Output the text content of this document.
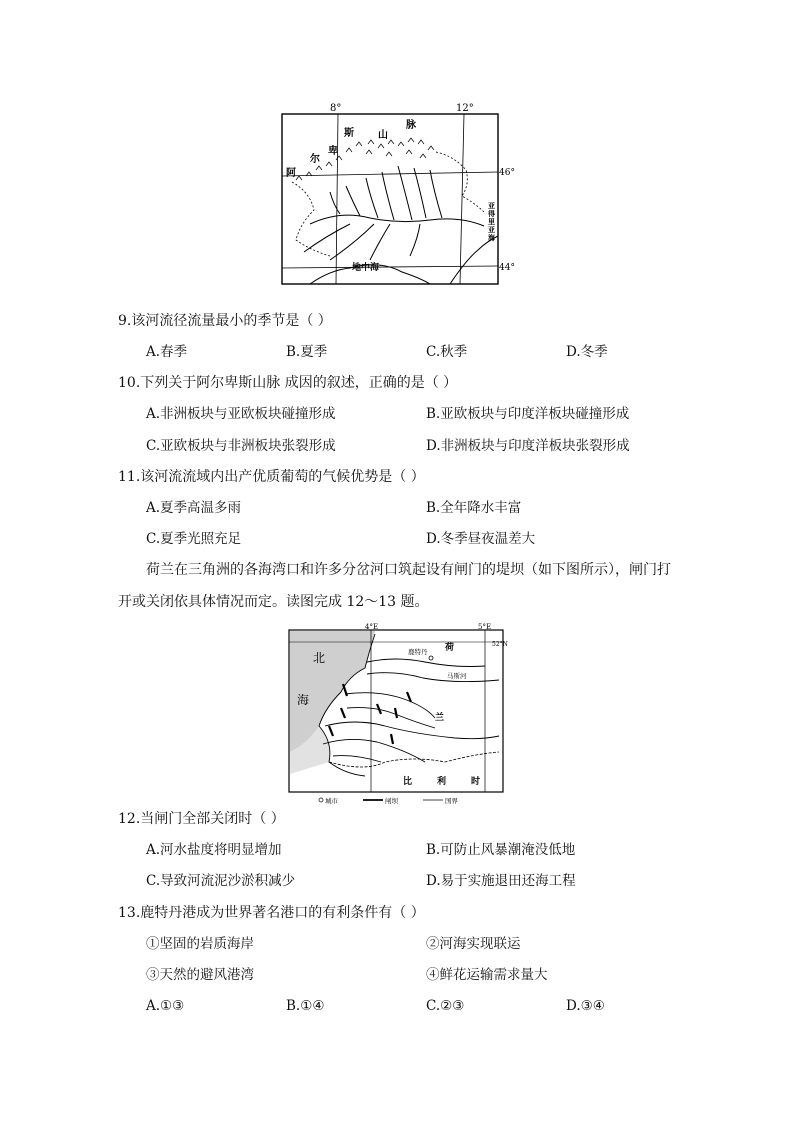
8°	12°
46°
44°
阿
尔
卑
斯 山
脉
地中海
亚
得
里
亚
海
9.该河流径流量最小的季节是（ ）
A.春季	B.夏季	C.秋季	D.冬季
10.下列关于阿尔卑斯山脉 成因的叙述，正确的是（ ）
A.非洲板块与亚欧板块碰撞形成	B.亚欧板块与印度洋板块碰撞形成
C.亚欧板块与非洲板块张裂形成	D.非洲板块与印度洋板块张裂形成
11.该河流流域内出产优质葡萄的气候优势是（ ）
A.夏季高温多雨	B.全年降水丰富
C.夏季光照充足	D.冬季昼夜温差大
荷兰在三角洲的各海湾口和许多分岔河口筑起设有闸门的堤坝（如下图所示），闸门打
开或关闭依具体情况而定。读图完成 12～13 题。
4°E	5°E
52°N
鹿特丹
马斯河
北
海
荷
兰
比	利	时
城市	闸坝	国界
12.当闸门全部关闭时（ ）
A.河水盐度将明显增加	B.可防止风暴潮淹没低地
C.导致河流泥沙淤积减少	D.易于实施退田还海工程
13.鹿特丹港成为世界著名港口的有利条件有（ ）
①坚固的岩质海岸	②河海实现联运
③天然的避风港湾	④鲜花运输需求量大
A.①③	B.①④	C.②③	D.③④
